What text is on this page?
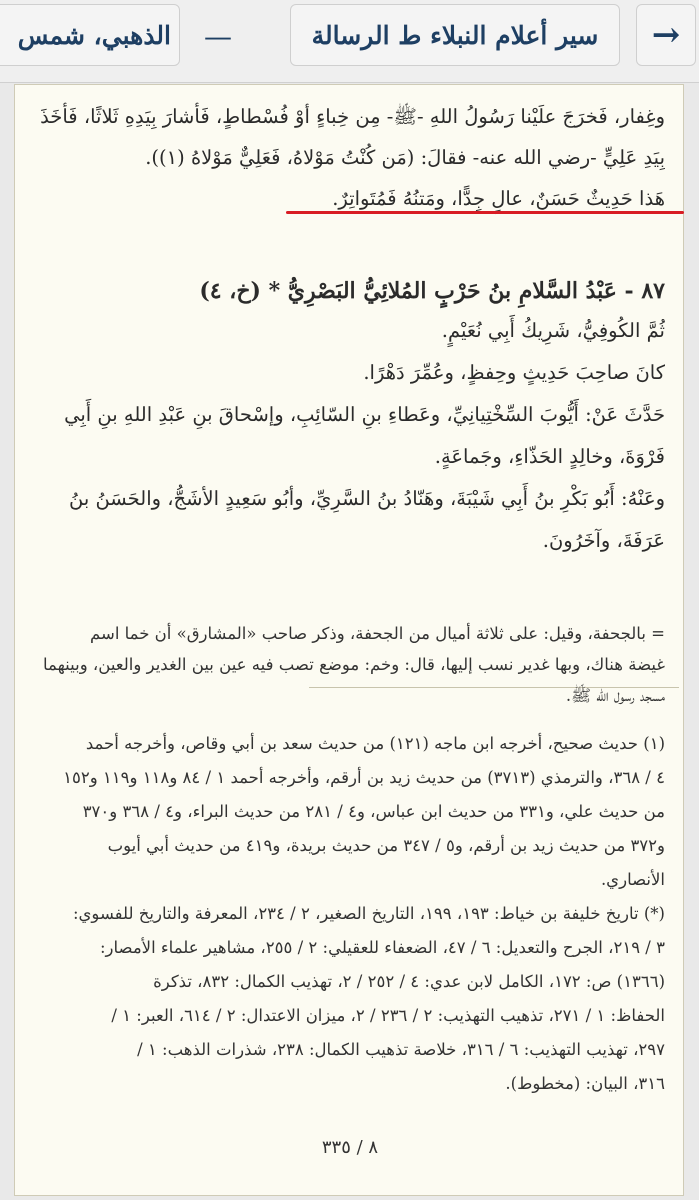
الذهبي، شمس —	سير أعلام النبلاء ط الرسالة	→
وغِفار، فَخرَجَ علَيْنا رَسُولُ اللهِ -ﷺ- مِن خِباءٍ أوْ فُسْطاطٍ، فَأشارَ بِيَدِهِ ثَلاثًا، فَأخَذَ
بِيَدِ عَلِيٍّ -رضي الله عنه- فقالَ: (مَن كُنْتُ مَوْلاهُ، فَعَلِيٌّ مَوْلاهُ (١)).
هَذا حَدِيثٌ حَسَنٌ، عالٍ جِدًّا، ومَتنُهُ فَمُتَواتِرٌ.
٨٧ - عَبْدُ السَّلامِ بنُ حَرْبٍ المُلائِيُّ البَصْرِيُّ * (خ، ٤)
ثُمَّ الكُوفِيُّ، شَرِيكُ أَبِي نُعَيْمٍ.
كانَ صاحِبَ حَدِيثٍ وحِفظٍ، وعُمِّرَ دَهْرًا.
حَدَّثَ عَنْ: أَيُّوبَ السِّخْتِيانِيِّ، وعَطاءِ بنِ السّائِبِ، وإسْحاقَ بنِ عَبْدِ اللهِ بنِ أَبِي
فَرْوَةَ، وخالِدٍ الحَذّاءِ، وجَماعَةٍ.
وعَنْهُ: أَبُو بَكْرِ بنُ أَبِي شَيْبَةَ، وهَنّادُ بنُ السَّرِيِّ، وأبُو سَعِيدٍ الأشَجُّ، والحَسَنُ بنُ
عَرَفَةَ، وآخَرُونَ.
= بالجحفة، وقيل: على ثلاثة أميال من الجحفة، وذكر صاحب «المشارق» أن خما اسم
غيضة هناك، وبها غدير نسب إليها، قال: وخم: موضع تصب فيه عين بين الغدير والعين، وبينهما
مسجد رسول الله ﷺ.
(١) حديث صحيح، أخرجه ابن ماجه (١٢١) من حديث سعد بن أبي وقاص، وأخرجه أحمد
٤ / ٣٦٨، والترمذي (٣٧١٣) من حديث زيد بن أرقم، وأخرجه أحمد ١ / ٨٤ و١١٨ و١١٩ و١٥٢
من حديث علي، و٣٣١ من حديث ابن عباس، و٤ / ٢٨١ من حديث البراء، و٤ / ٣٦٨ و٣٧٠
و٣٧٢ من حديث زيد بن أرقم، و٥ / ٣٤٧ من حديث بريدة، و٤١٩ من حديث أبي أيوب
الأنصاري.
(*) تاريخ خليفة بن خياط: ١٩٣، ١٩٩، التاريخ الصغير، ٢ / ٢٣٤، المعرفة والتاريخ للفسوي:
٣ / ٢١٩، الجرح والتعديل: ٦ / ٤٧، الضعفاء للعقيلي: ٢ / ٢٥٥، مشاهير علماء الأمصار:
(١٣٦٦) ص: ١٧٢، الكامل لابن عدي: ٤ / ٢٥٢ / ٢، تهذيب الكمال: ٨٣٢، تذكرة
الحفاظ: ١ / ٢٧١، تذهيب التهذيب: ٢ / ٢٣٦ / ٢، ميزان الاعتدال: ٢ / ٦١٤، العبر: ١ /
٢٩٧، تهذيب التهذيب: ٦ / ٣١٦، خلاصة تذهيب الكمال: ٢٣٨، شذرات الذهب: ١ /
٣١٦، البيان: (مخطوط).
٨ / ٣٣٥
